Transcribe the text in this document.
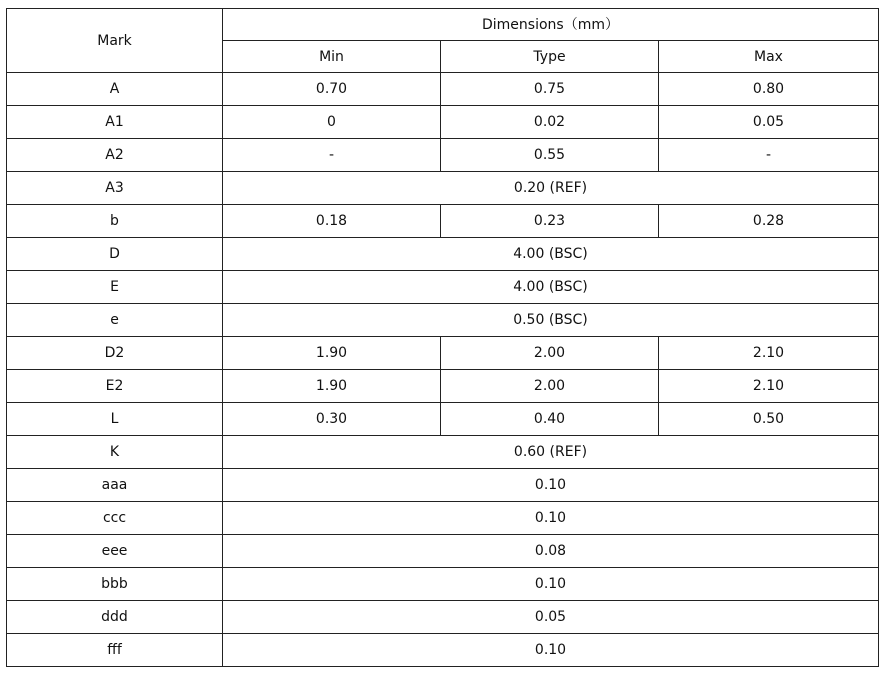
Mark	Dimensions（mm）		
	Min	Type	Max
A	0.70	0.75	0.80
A1	0	0.02	0.05
A2	-	0.55	-
A3	0.20 (REF)		
b	0.18	0.23	0.28
D	4.00 (BSC)		
E	4.00 (BSC)		
e	0.50 (BSC)		
D2	1.90	2.00	2.10
E2	1.90	2.00	2.10
L	0.30	0.40	0.50
K	0.60 (REF)		
aaa	0.10		
ccc	0.10		
eee	0.08		
bbb	0.10		
ddd	0.05		
fff	0.10		
